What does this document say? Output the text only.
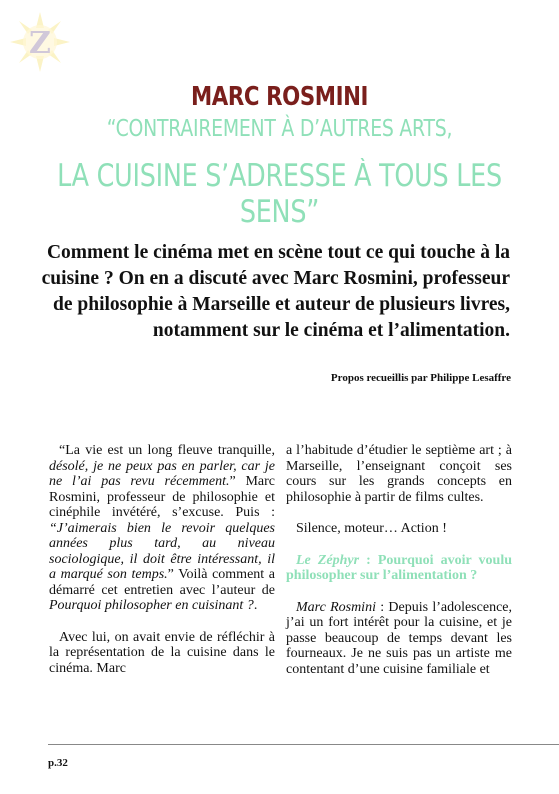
Z
MARC ROSMINI
“CONTRAIREMENT À D’AUTRES ARTS,
LA CUISINE S’ADRESSE À TOUS LES SENS”
Comment le cinéma met en scène tout ce qui touche à la cuisine ? On en a discuté avec Marc Rosmini, professeur de philosophie à Marseille et auteur de plusieurs livres, notamment sur le cinéma et l’alimentation.
Propos recueillis par Philippe Lesaffre

“La vie est un long fleuve tranquille, désolé, je ne peux pas en parler, car je ne l’ai pas revu récemment.” Marc Rosmini, professeur de philosophie et cinéphile invétéré, s’excuse. Puis : “J’aimerais bien le revoir quelques années plus tard, au niveau sociologique, il doit être intéressant, il a marqué son temps.” Voilà comment a démarré cet entretien avec l’auteur de Pourquoi philosopher en cuisinant ?.

Avec lui, on avait envie de réfléchir à la représentation de la cuisine dans le cinéma. Marc

a l’habitude d’étudier le septième art ; à Marseille, l’enseignant conçoit ses cours sur les grands concepts en philosophie à partir de films cultes.

Silence, moteur… Action !

Le Zéphyr : Pourquoi avoir voulu philosopher sur l’alimentation ?

Marc Rosmini : Depuis l’adolescence, j’ai un fort intérêt pour la cuisine, et je passe beaucoup de temps devant les fourneaux. Je ne suis pas un artiste me contentant d’une cuisine familiale et

p.32
